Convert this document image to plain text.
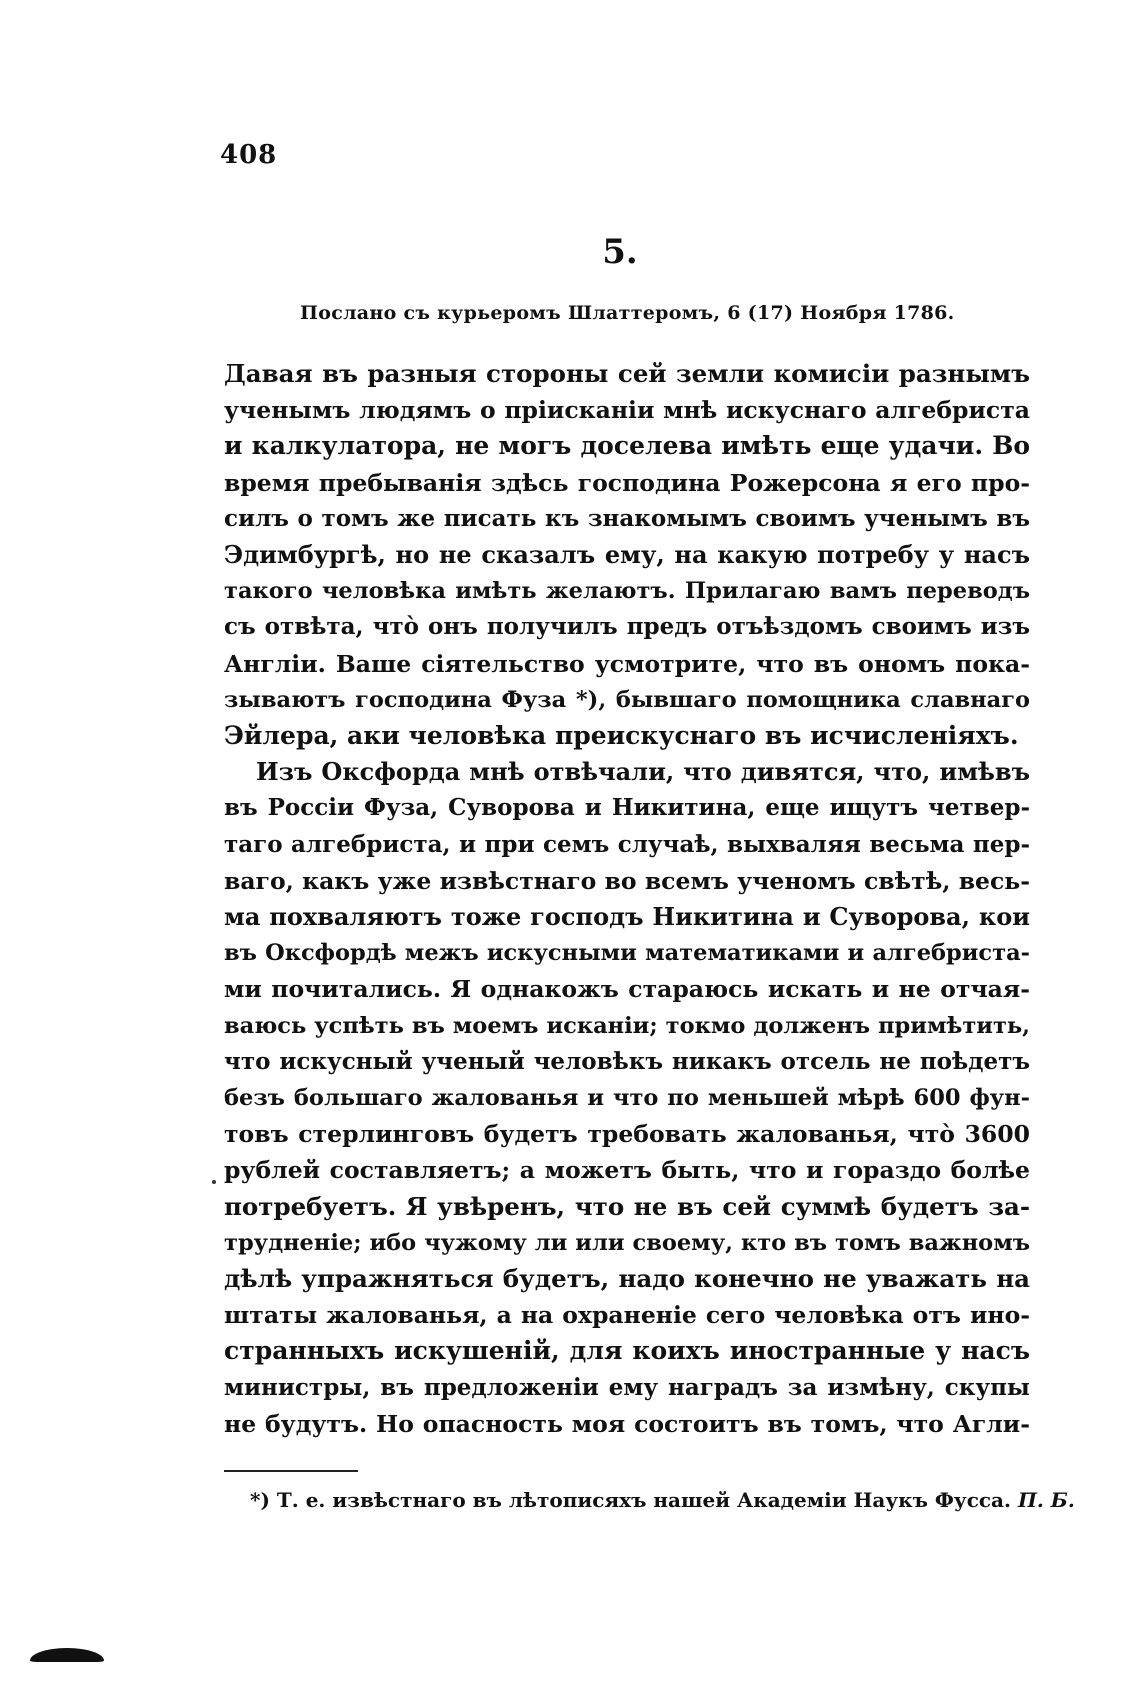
408
5.
Послано съ курьеромъ Шлаттеромъ, 6 (17) Ноября 1786.
Давая въ разныя стороны сей земли комисіи разнымъ
ученымъ людямъ о прiисканіи мнѣ искуснаго алгебриста
и калкулатора, не могъ доселева имѣть еще удачи. Во
время пребыванія здѣсь господина Рожерсона я его про-
силъ о томъ же писать къ знакомымъ своимъ ученымъ въ
Эдимбургѣ, но не сказалъ ему, на какую потребу у насъ
такого человѣка имѣть желаютъ. Прилагаю вамъ переводъ
съ отвѣта, что̀ онъ получилъ предъ отъѣздомъ своимъ изъ
Англіи. Ваше сіятельство усмотрите, что въ ономъ пока-
зываютъ господина Фуза *), бывшаго помощника славнаго
Эйлера, аки человѣка преискуснаго въ исчисленіяхъ.
Изъ Оксфорда мнѣ отвѣчали, что дивятся, что, имѣвъ
въ Россіи Фуза, Суворова и Никитина, еще ищутъ четвер-
таго алгебриста, и при семъ случаѣ, выхваляя весьма пер-
ваго, какъ уже извѣстнаго во всемъ ученомъ свѣтѣ, весь-
ма похваляютъ тоже господъ Никитина и Суворова, кои
въ Оксфордѣ межъ искусными математиками и алгебриста-
ми почитались. Я однакожъ стараюсь искать и не отчая-
ваюсь успѣть въ моемъ исканіи; токмо долженъ примѣтить,
что искусный ученый человѣкъ никакъ отсель не поѣдетъ
безъ большаго жалованья и что по меньшей мѣрѣ 600 фун-
товъ стерлинговъ будетъ требовать жалованья, что̀ 3600
рублей составляетъ; а можетъ быть, что и гораздо болѣе
потребуетъ. Я увѣренъ, что не въ сей суммѣ будетъ за-
трудненіе; ибо чужому ли или своему, кто въ томъ важномъ
дѣлѣ упражняться будетъ, надо конечно не уважать на
штаты жалованья, а на охраненіе сего человѣка отъ ино-
странныхъ искушеній, для коихъ иностранные у насъ
министры, въ предложеніи ему наградъ за измѣну, скупы
не будутъ. Но опасность моя состоитъ въ томъ, что Агли-
*) Т. е. извѣстнаго въ лѣтописяхъ нашей Академіи Наукъ Фусса. П. Б.
